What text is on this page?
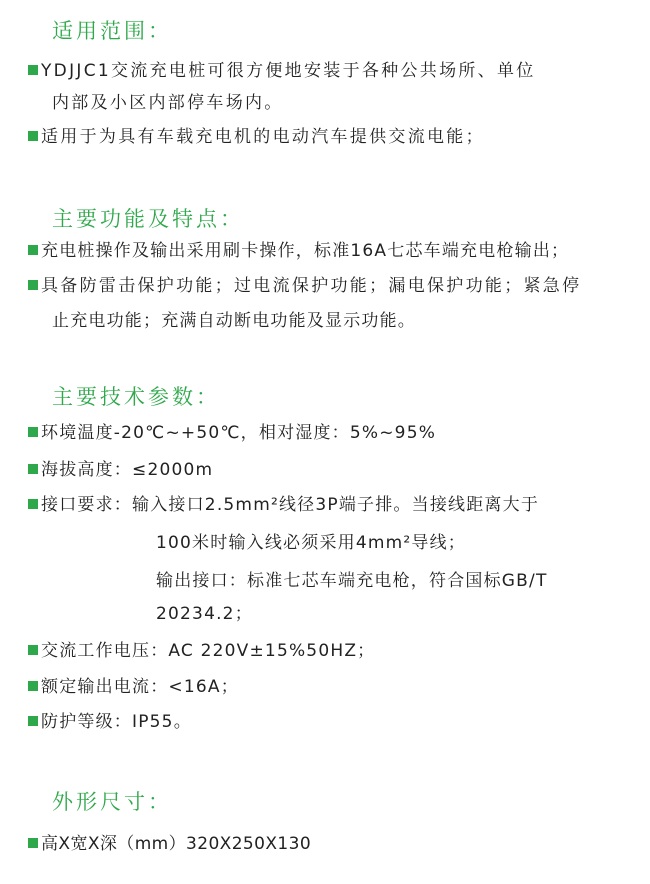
适用范围：
YDJJC1交流充电桩可很方便地安装于各种公共场所、单位
内部及小区内部停车场内。
适用于为具有车载充电机的电动汽车提供交流电能；
主要功能及特点：
充电桩操作及输出采用刷卡操作，标准16A七芯车端充电枪输出；
具备防雷击保护功能；过电流保护功能；漏电保护功能；紧急停
止充电功能；充满自动断电功能及显示功能。
主要技术参数：
环境温度-20℃~+50℃，相对湿度：5%~95%
海拔高度：≤2000m
接口要求：输入接口2.5mm²线径3P端子排。当接线距离大于
100米时输入线必须采用4mm²导线；
输出接口：标准七芯车端充电枪，符合国标GB/T
20234.2；
交流工作电压：AC 220V±15%50HZ；
额定输出电流：<16A；
防护等级：IP55。
外形尺寸：
高X宽X深（mm）320X250X130
